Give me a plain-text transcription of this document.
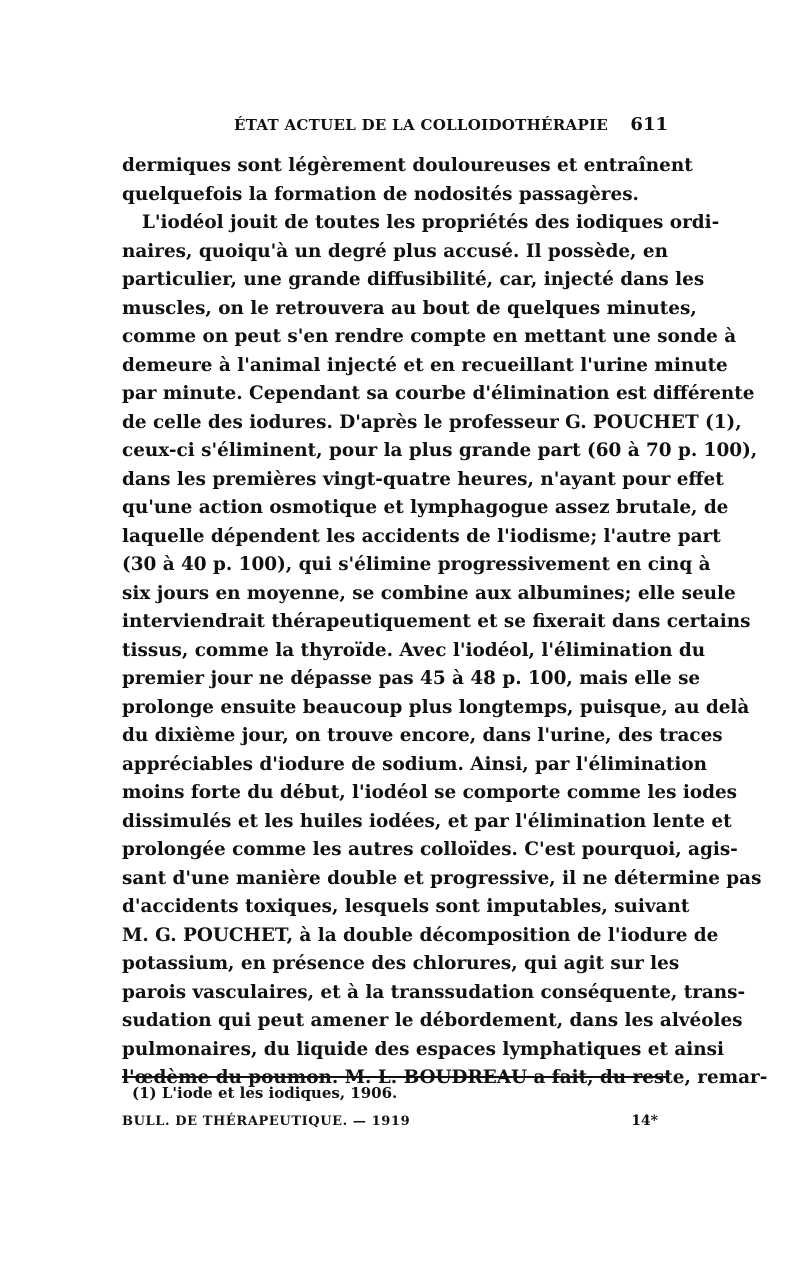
ÉTAT ACTUEL DE LA COLLOIDOTHÉRAPIE 611
dermiques sont légèrement douloureuses et entraînent
quelquefois la formation de nodosités passagères.
L'iodéol jouit de toutes les propriétés des iodiques ordi-
naires, quoiqu'à un degré plus accusé. Il possède, en
particulier, une grande diffusibilité, car, injecté dans les
muscles, on le retrouvera au bout de quelques minutes,
comme on peut s'en rendre compte en mettant une sonde à
demeure à l'animal injecté et en recueillant l'urine minute
par minute. Cependant sa courbe d'élimination est différente
de celle des iodures. D'après le professeur G. POUCHET (1),
ceux-ci s'éliminent, pour la plus grande part (60 à 70 p. 100),
dans les premières vingt-quatre heures, n'ayant pour effet
qu'une action osmotique et lymphagogue assez brutale, de
laquelle dépendent les accidents de l'iodisme; l'autre part
(30 à 40 p. 100), qui s'élimine progressivement en cinq à
six jours en moyenne, se combine aux albumines; elle seule
interviendrait thérapeutiquement et se fixerait dans certains
tissus, comme la thyroïde. Avec l'iodéol, l'élimination du
premier jour ne dépasse pas 45 à 48 p. 100, mais elle se
prolonge ensuite beaucoup plus longtemps, puisque, au delà
du dixième jour, on trouve encore, dans l'urine, des traces
appréciables d'iodure de sodium. Ainsi, par l'élimination
moins forte du début, l'iodéol se comporte comme les iodes
dissimulés et les huiles iodées, et par l'élimination lente et
prolongée comme les autres colloïdes. C'est pourquoi, agis-
sant d'une manière double et progressive, il ne détermine pas
d'accidents toxiques, lesquels sont imputables, suivant
M. G. POUCHET, à la double décomposition de l'iodure de
potassium, en présence des chlorures, qui agit sur les
parois vasculaires, et à la transsudation conséquente, trans-
sudation qui peut amener le débordement, dans les alvéoles
pulmonaires, du liquide des espaces lymphatiques et ainsi
l'œdème du poumon. M. L. BOUDREAU a fait, du reste, remar-
(1) L'iode et les iodiques, 1906.
BULL. DE THÉRAPEUTIQUE. — 1919	14*
